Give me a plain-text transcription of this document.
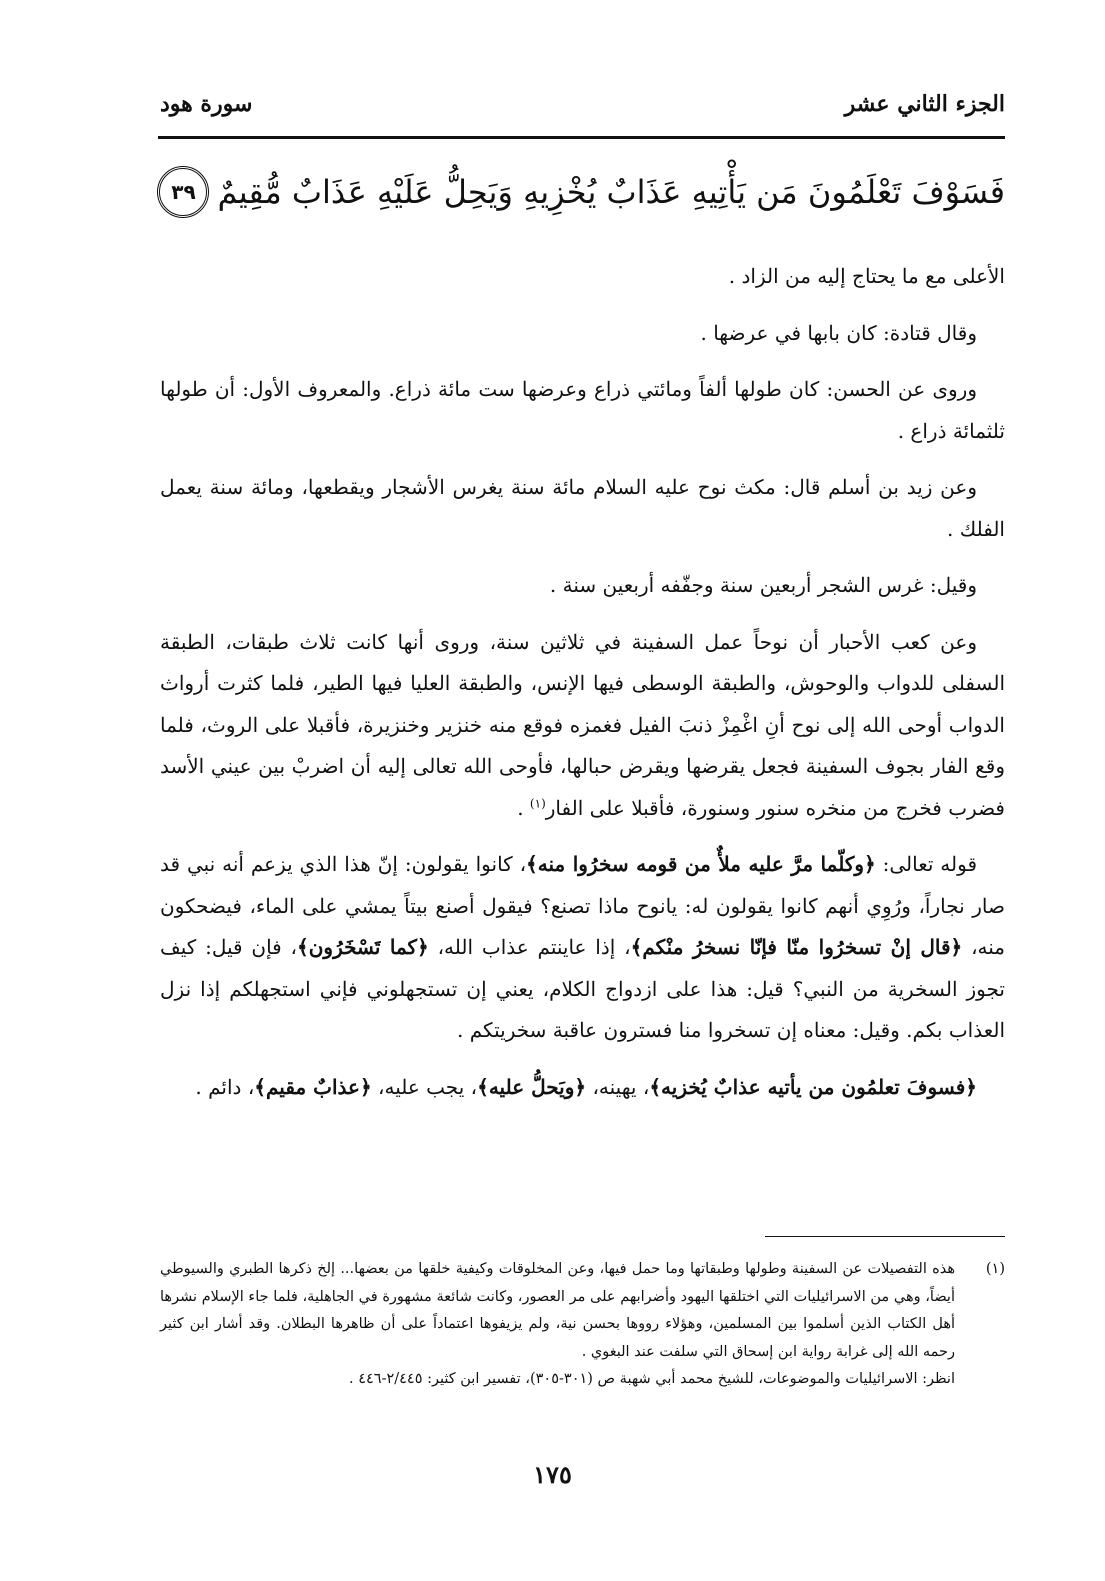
الجزء الثاني عشر
سورة هود
فَسَوْفَ تَعْلَمُونَ مَن يَأْتِيهِ عَذَابٌ يُخْزِيهِ وَيَحِلُّ عَلَيْهِ عَذَابٌ مُّقِيمٌ
٣٩

الأعلى مع ما يحتاج إليه من الزاد .

وقال قتادة: كان بابها في عرضها .

وروى عن الحسن: كان طولها ألفاً ومائتي ذراع وعرضها ست مائة ذراع. والمعروف الأول: أن طولها ثلثمائة ذراع .

وعن زيد بن أسلم قال: مكث نوح عليه السلام مائة سنة يغرس الأشجار ويقطعها، ومائة سنة يعمل الفلك .

وقيل: غرس الشجر أربعين سنة وجفّفه أربعين سنة .

وعن كعب الأحبار أن نوحاً عمل السفينة في ثلاثين سنة، وروى أنها كانت ثلاث طبقات، الطبقة السفلى للدواب والوحوش، والطبقة الوسطى فيها الإنس، والطبقة العليا فيها الطير، فلما كثرت أرواث الدواب أوحى الله إلى نوح أنِ اغْمِزْ ذنبَ الفيل فغمزه فوقع منه خنزير وخنزيرة، فأقبلا على الروث، فلما وقع الفار بجوف السفينة فجعل يقرضها ويقرض حبالها، فأوحى الله تعالى إليه أن اضربْ بين عيني الأسد فضرب فخرج من منخره سنور وسنورة، فأقبلا على الفار$^{(١)}$ .

قوله تعالى: ﴿وكلّما مرَّ عليه ملأٌ من قومه سخرُوا منه﴾، كانوا يقولون: إنّ هذا الذي يزعم أنه نبي قد صار نجاراً، ورُوِي أنهم كانوا يقولون له: يانوح ماذا تصنع؟ فيقول أصنع بيتاً يمشي على الماء، فيضحكون منه، ﴿قال إنْ تسخرُوا منّا فإنّا نسخرُ منْكم﴾، إذا عاينتم عذاب الله، ﴿كما تَسْخَرُون﴾، فإن قيل: كيف تجوز السخرية من النبي؟ قيل: هذا على ازدواج الكلام، يعني إن تستجهلوني فإني استجهلكم إذا نزل العذاب بكم. وقيل: معناه إن تسخروا منا فسترون عاقبة سخريتكم .

﴿فسوفَ تعلمُون من يأتيه عذابٌ يُخزيه﴾، يهينه، ﴿ويَحلُّ عليه﴾، يجب عليه، ﴿عذابٌ مقيم﴾، دائم .

(١)

هذه التفصيلات عن السفينة وطولها وطبقاتها وما حمل فيها، وعن المخلوقات وكيفية خلقها من بعضها... إلخ ذكرها الطبري والسيوطي أيضاً، وهي من الاسرائيليات التي اختلقها اليهود وأضرابهم على مر العصور، وكانت شائعة مشهورة في الجاهلية، فلما جاء الإسلام نشرها أهل الكتاب الذين أسلموا بين المسلمين، وهؤلاء رووها بحسن نية، ولم يزيفوها اعتماداً على أن ظاهرها البطلان. وقد أشار ابن كثير رحمه الله إلى غرابة رواية ابن إسحاق التي سلفت عند البغوي .

انظر: الاسرائيليات والموضوعات، للشيخ محمد أبي شهبة ص (٣٠١-٣٠٥)، تفسير ابن كثير: ٢/٤٤٥-٤٤٦ .

١٧٥
